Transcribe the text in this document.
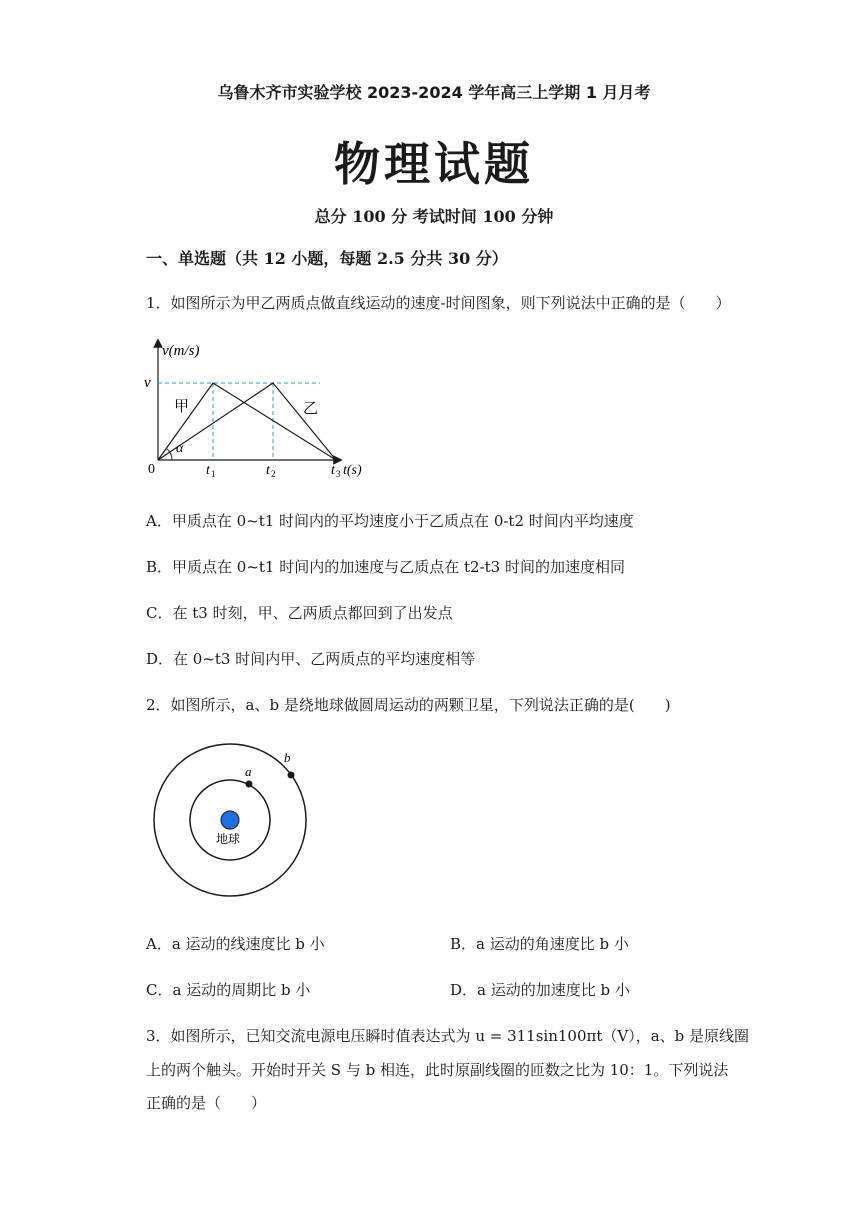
乌鲁木齐市实验学校 2023-2024 学年高三上学期 1 月月考
物理试题
总分 100 分 考试时间 100 分钟
一、单选题（共 12 小题，每题 2.5 分共 30 分）
1．如图所示为甲乙两质点做直线运动的速度-时间图象，则下列说法中正确的是（　　）
v(m/s)
v
甲	乙
α
0	t 1	t 2	t 3 t(s)
A．甲质点在 0~t1 时间内的平均速度小于乙质点在 0-t2 时间内平均速度
B．甲质点在 0~t1 时间内的加速度与乙质点在 t2-t3 时间的加速度相同
C．在 t3 时刻，甲、乙两质点都回到了出发点
D．在 0~t3 时间内甲、乙两质点的平均速度相等
2．如图所示，a、b 是绕地球做圆周运动的两颗卫星，下列说法正确的是(　　)
a
b
地球
A．a 运动的线速度比 b 小	B．a 运动的角速度比 b 小
C．a 运动的周期比 b 小	D．a 运动的加速度比 b 小
3．如图所示，已知交流电源电压瞬时值表达式为 u = 311sin100πt（V），a、b 是原线圈
上的两个触头。开始时开关 S 与 b 相连，此时原副线圈的匝数之比为 10：1。下列说法
正确的是（　　）
